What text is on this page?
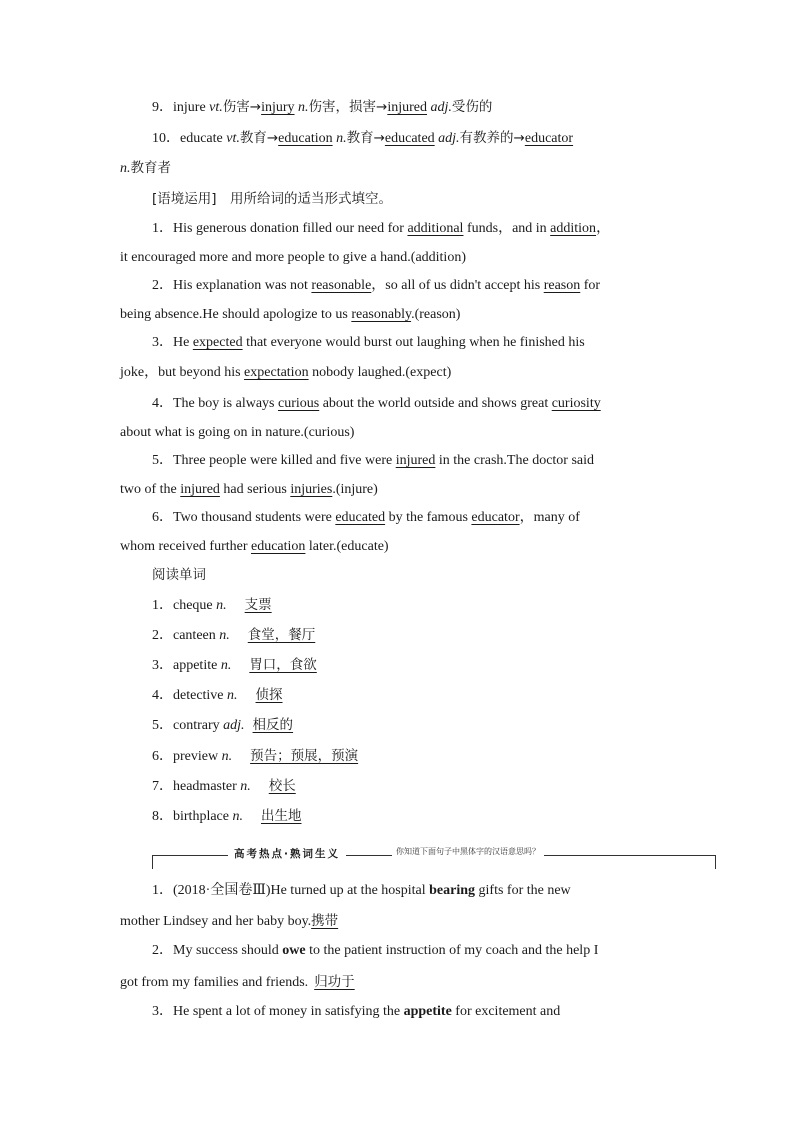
9．injure vt.伤害→injury n.伤害，损害→injured adj.受伤的
10．educate vt.教育→education n.教育→educated adj.有教养的→educator
n.教育者
[语境运用]　用所给词的适当形式填空。
1．His generous donation filled our need for additional funds，and in addition，
it encouraged more and more people to give a hand.(addition)
2．His explanation was not reasonable，so all of us didn't accept his reason for
being absence.He should apologize to us reasonably.(reason)
3．He expected that everyone would burst out laughing when he finished his
joke，but beyond his expectation nobody laughed.(expect)
4．The boy is always curious about the world outside and shows great curiosity
about what is going on in nature.(curious)
5．Three people were killed and five were injured in the crash.The doctor said
two of the injured had serious injuries.(injure)
6．Two thousand students were educated by the famous educator，many of
whom received further education later.(educate)
阅读单词
1．cheque n. 支票
2．canteen n. 食堂，餐厅
3．appetite n. 胃口，食欲
4．detective n. 侦探
5．contrary adj. 相反的
6．preview n. 预告；预展，预演
7．headmaster n. 校长
8．birthplace n. 出生地
高考热点·熟词生义	你知道下面句子中黑体字的汉语意思吗？
1．(2018·全国卷Ⅲ)He turned up at the hospital bearing gifts for the new
mother Lindsey and her baby boy.携带
2．My success should owe to the patient instruction of my coach and the help I
got from my families and friends. 归功于
3．He spent a lot of money in satisfying the appetite for excitement and
